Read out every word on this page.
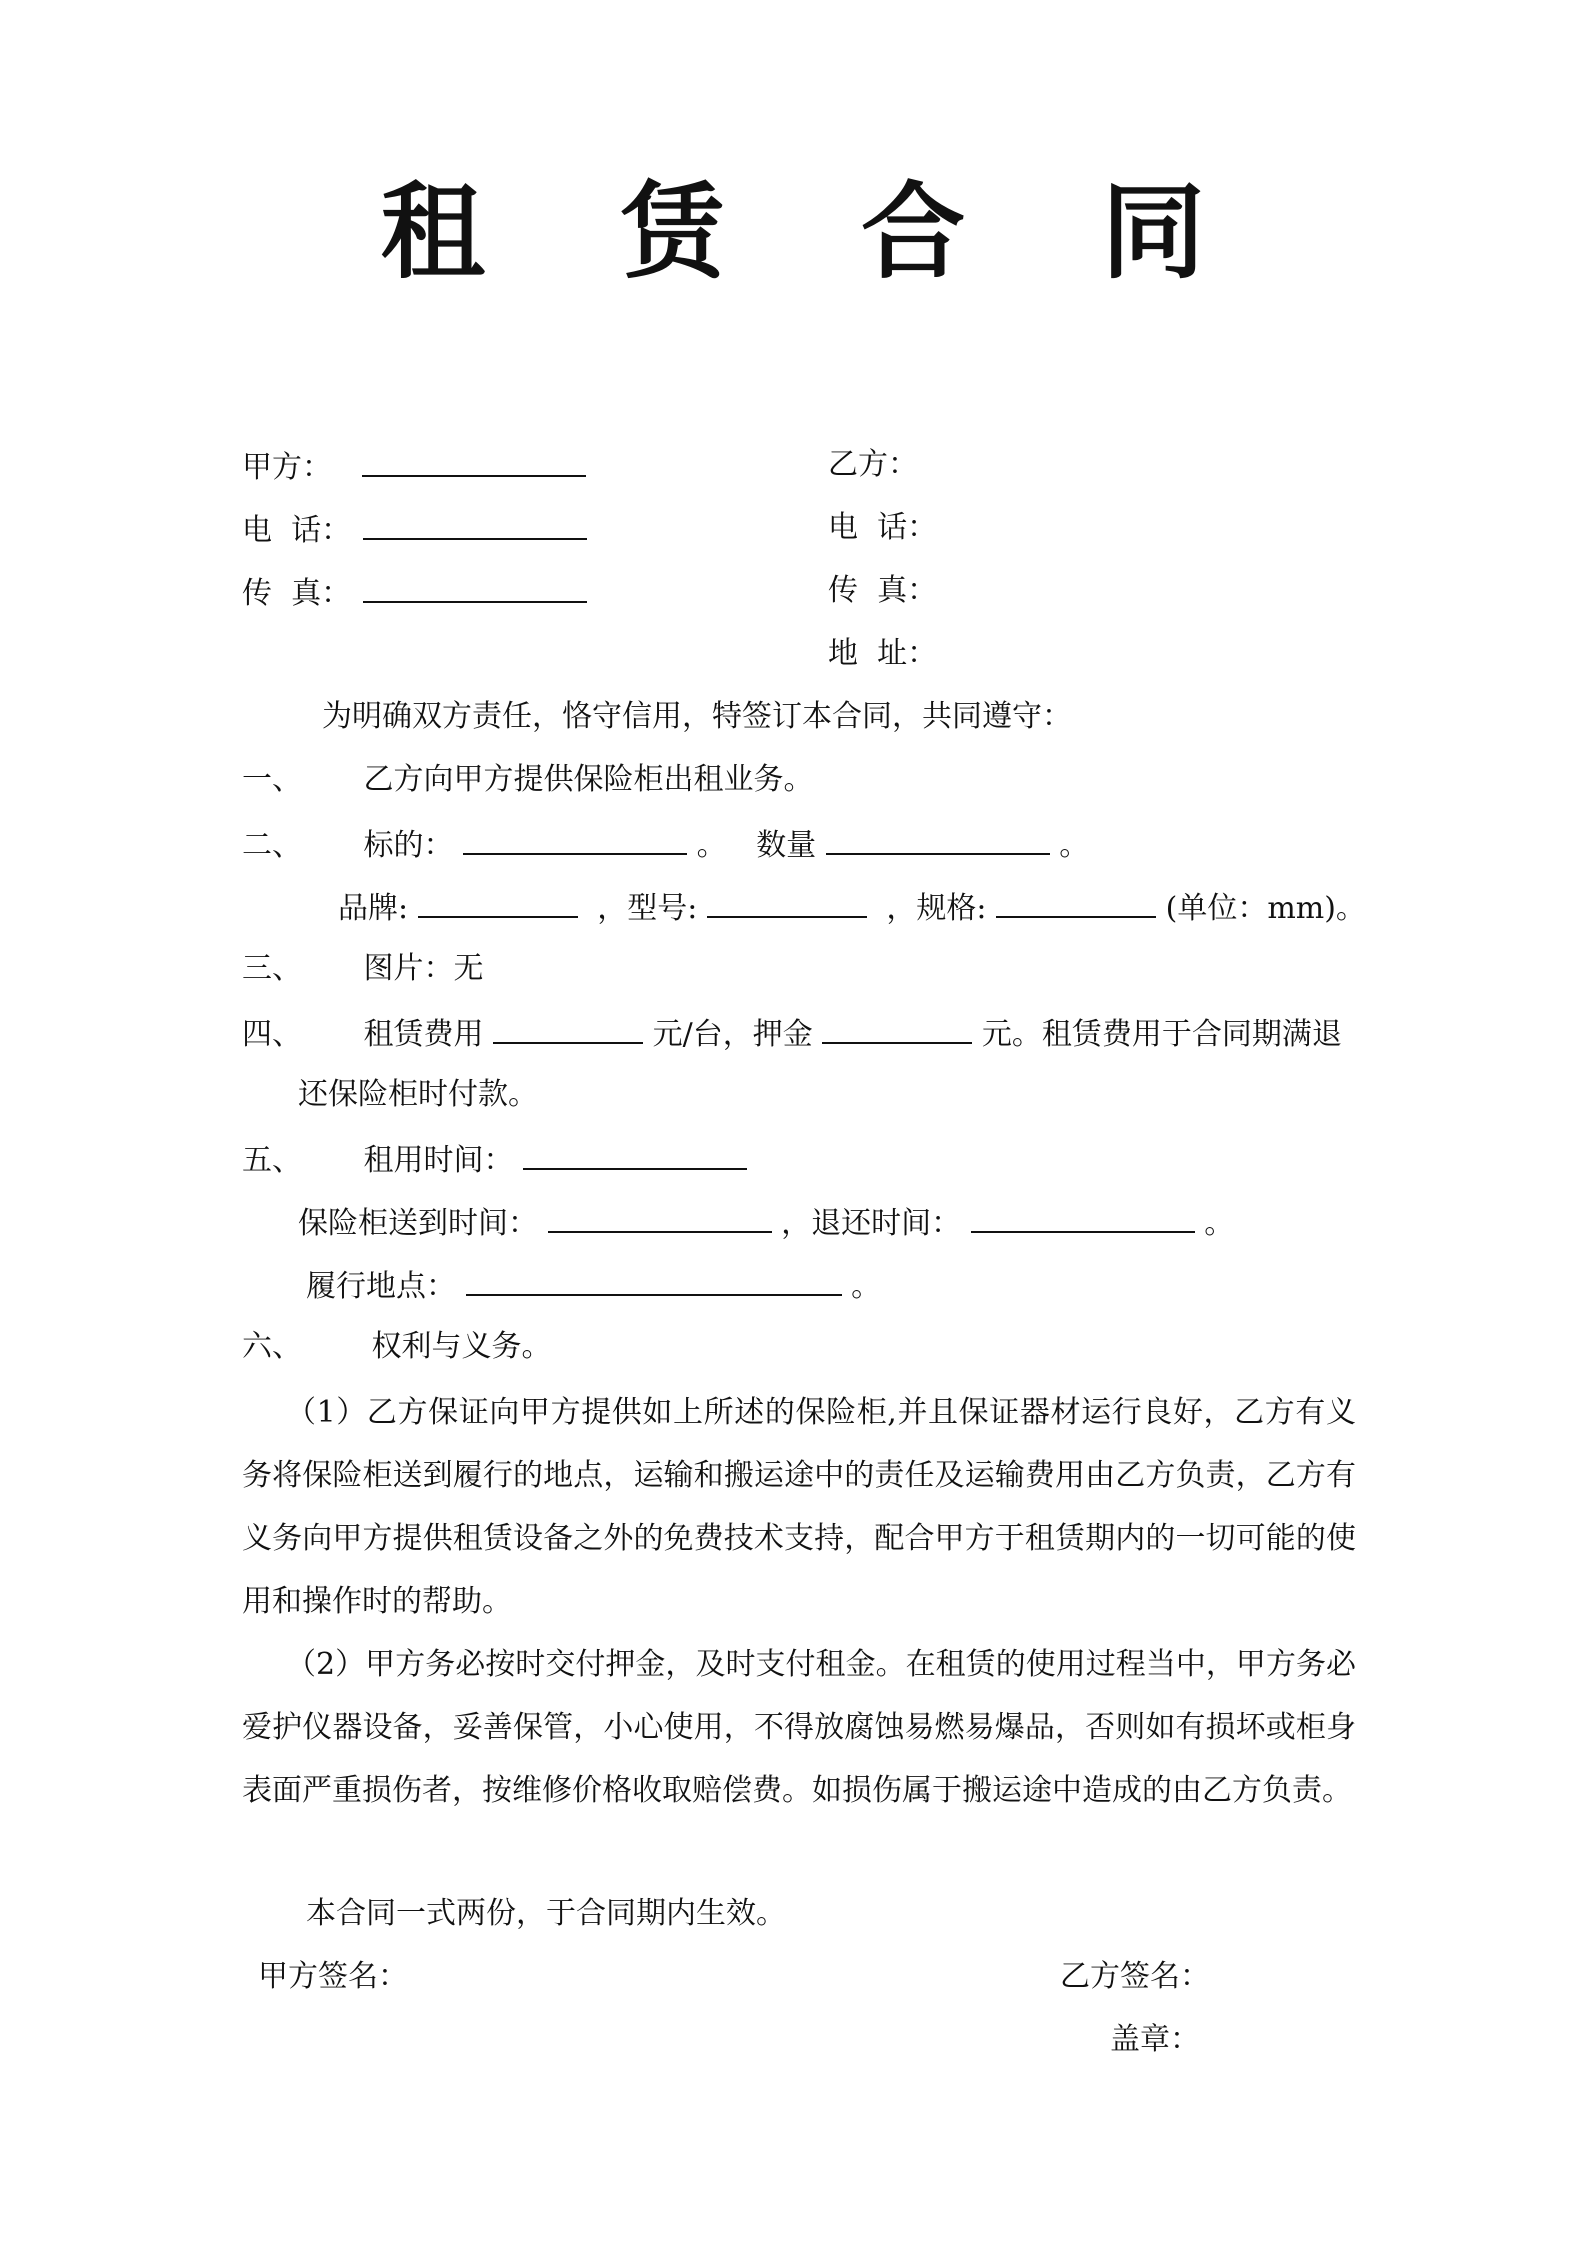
租 赁 合 同
甲方：	乙方：
电  话：	电  话：
传  真：	传  真：
地  址：
为明确双方责任，恪守信用，特签订本合同，共同遵守：
一、 乙方向甲方提供保险柜出租业务。
二、 标的：	。 数量	。
品牌:	，型号:	，规格:	(单位：mm)。
三、 图片：无
四、 租赁费用	元/台，押金	元。租赁费用于合同期满退
还保险柜时付款。
五、 租用时间：
保险柜送到时间：	，退还时间：	。
履行地点：	。
六、 权利与义务。
（1）乙方保证向甲方提供如上所述的保险柜,并且保证器材运行良好，乙方有义务将保险柜送到履行的地点，运输和搬运途中的责任及运输费用由乙方负责，乙方有义务向甲方提供租赁设备之外的免费技术支持，配合甲方于租赁期内的一切可能的使用和操作时的帮助。
（2）甲方务必按时交付押金，及时支付租金。在租赁的使用过程当中，甲方务必爱护仪器设备，妥善保管，小心使用，不得放腐蚀易燃易爆品，否则如有损坏或柜身表面严重损伤者，按维修价格收取赔偿费。如损伤属于搬运途中造成的由乙方负责。
本合同一式两份，于合同期内生效。
甲方签名：	乙方签名：
盖章：
